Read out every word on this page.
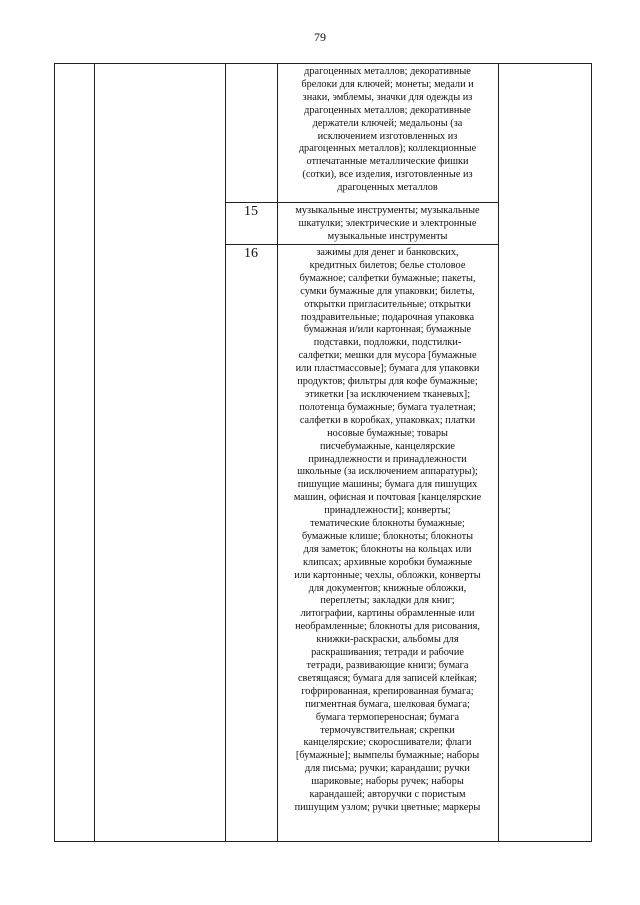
79
драгоценных металлов; декоративные
брелоки для ключей; монеты; медали и
знаки, эмблемы, значки для одежды из
драгоценных металлов; декоративные
держатели ключей; медальоны (за
исключением изготовленных из
драгоценных металлов); коллекционные
отпечатанные металлические фишки
(сотки), все изделия, изготовленные из
драгоценных металлов
15	музыкальные инструменты; музыкальные
шкатулки; электрические и электронные
музыкальные инструменты
16	зажимы для денег и банковских,
кредитных билетов; белье столовое
бумажное; салфетки бумажные; пакеты,
сумки бумажные для упаковки; билеты,
открытки пригласительные; открытки
поздравительные; подарочная упаковка
бумажная и/или картонная; бумажные
подставки, подложки, подстилки-
салфетки; мешки для мусора [бумажные
или пластмассовые]; бумага для упаковки
продуктов; фильтры для кофе бумажные;
этикетки [за исключением тканевых];
полотенца бумажные; бумага туалетная;
салфетки в коробках, упаковках; платки
носовые бумажные; товары
писчебумажные, канцелярские
принадлежности и принадлежности
школьные (за исключением аппаратуры);
пишущие машины; бумага для пишущих
машин, офисная и почтовая [канцелярские
принадлежности]; конверты;
тематические блокноты бумажные;
бумажные клише; блокноты; блокноты
для заметок; блокноты на кольцах или
клипсах; архивные коробки бумажные
или картонные; чехлы, обложки, конверты
для документов; книжные обложки,
переплеты; закладки для книг;
литографии, картины обрамленные или
необрамленные; блокноты для рисования,
книжки-раскраски, альбомы для
раскрашивания; тетради и рабочие
тетради, развивающие книги; бумага
светящаяся; бумага для записей клейкая;
гофрированная, крепированная бумага;
пигментная бумага, шелковая бумага;
бумага термопереносная; бумага
термочувствительная; скрепки
канцелярские; скоросшиватели; флаги
[бумажные]; вымпелы бумажные; наборы
для письма; ручки; карандаши; ручки
шариковые; наборы ручек; наборы
карандашей; авторучки с пористым
пишущим узлом; ручки цветные; маркеры
